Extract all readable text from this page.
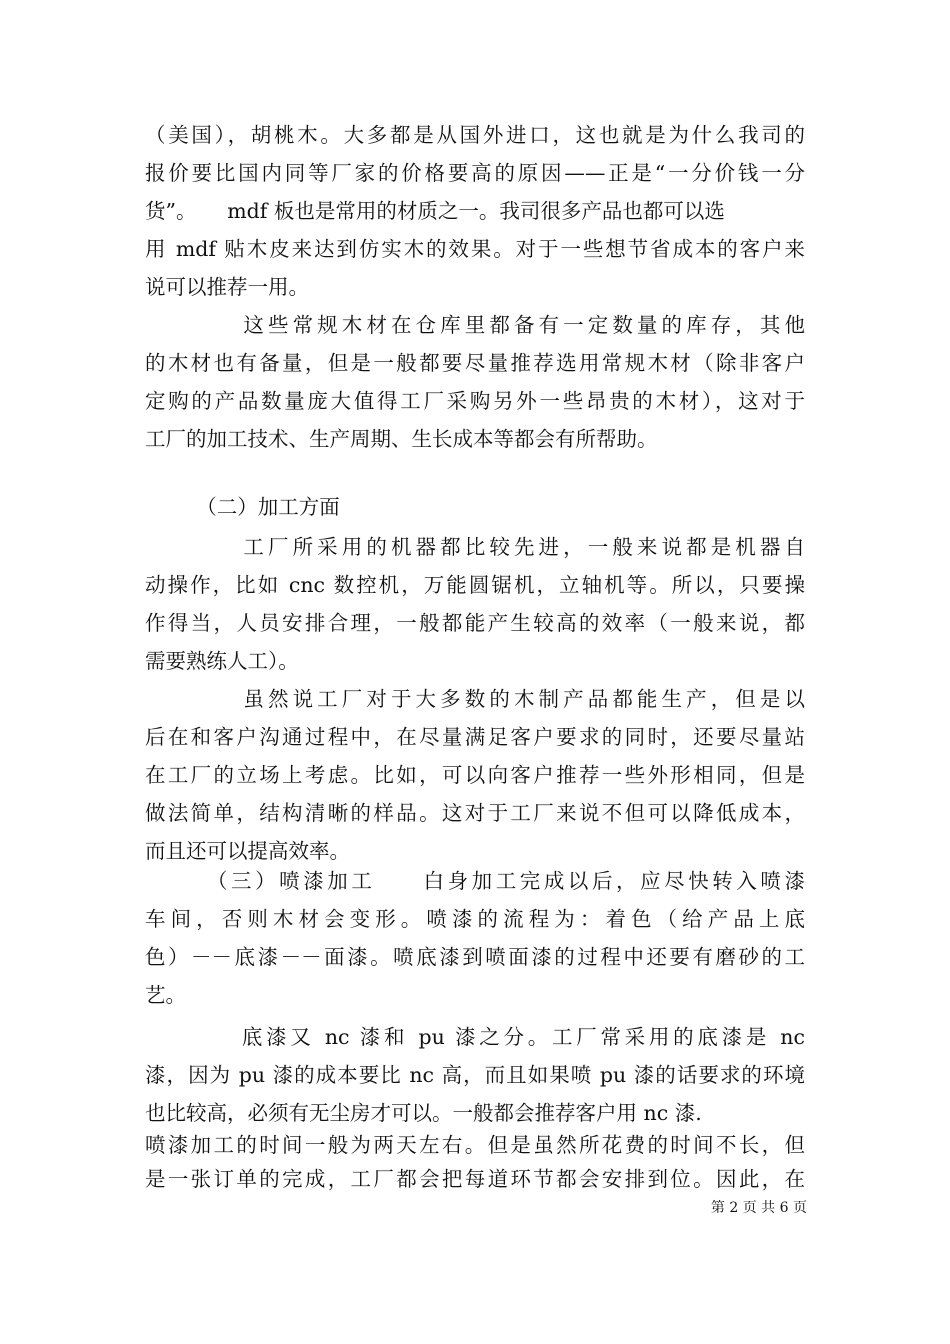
（美国），胡桃木。大多都是从国外进口，这也就是为什么我司的
报价要比国内同等厂家的价格要高的原因——正是“一分价钱一分
货”。　　mdf 板也是常用的材质之一。我司很多产品也都可以选
用 mdf 贴木皮来达到仿实木的效果。对于一些想节省成本的客户来
说可以推荐一用。
　　　　这些常规木材在仓库里都备有一定数量的库存，其他
的木材也有备量，但是一般都要尽量推荐选用常规木材（除非客户
定购的产品数量庞大值得工厂采购另外一些昂贵的木材），这对于
工厂的加工技术、生产周期、生长成本等都会有所帮助。
　　　（二）加工方面
　　　　工厂所采用的机器都比较先进，一般来说都是机器自
动操作，比如 cnc 数控机，万能圆锯机，立轴机等。所以，只要操
作得当，人员安排合理，一般都能产生较高的效率（一般来说，都
需要熟练人工）。
　　　　虽然说工厂对于大多数的木制产品都能生产，但是以
后在和客户沟通过程中，在尽量满足客户要求的同时，还要尽量站
在工厂的立场上考虑。比如，可以向客户推荐一些外形相同，但是
做法简单，结构清晰的样品。这对于工厂来说不但可以降低成本，
而且还可以提高效率。
　　　（三）喷漆加工　　白身加工完成以后，应尽快转入喷漆
车间，否则木材会变形。喷漆的流程为：着色（给产品上底
色）－－底漆－－面漆。喷底漆到喷面漆的过程中还要有磨砂的工
艺。
　　　　底漆又 nc 漆和 pu 漆之分。工厂常采用的底漆是 nc
漆，因为 pu 漆的成本要比 nc 高，而且如果喷 pu 漆的话要求的环境
也比较高，必须有无尘房才可以。一般都会推荐客户用 nc 漆.
喷漆加工的时间一般为两天左右。但是虽然所花费的时间不长，但
是一张订单的完成，工厂都会把每道环节都会安排到位。因此，在
第 2 页 共 6 页
